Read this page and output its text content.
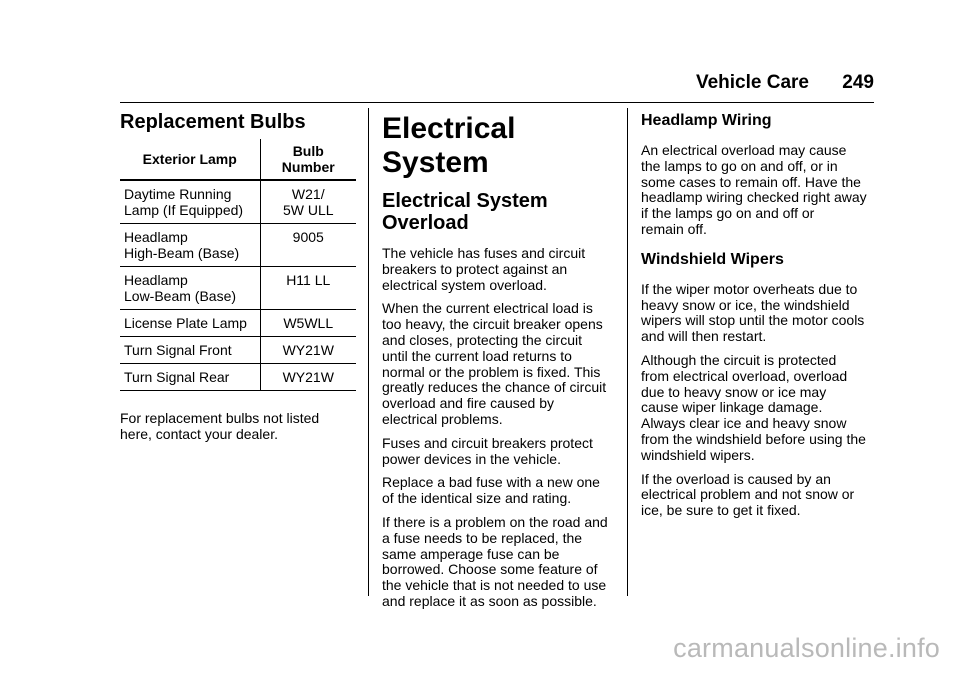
Vehicle Care 249
Replacement Bulbs
Exterior Lamp	Bulb
Number
Daytime Running
Lamp (If Equipped)	W21/
5W ULL
Headlamp
High-Beam (Base)	9005
Headlamp
Low-Beam (Base)	H11 LL
License Plate Lamp	W5WLL
Turn Signal Front	WY21W
Turn Signal Rear	WY21W

For replacement bulbs not listed
here, contact your dealer.

Electrical System
Electrical System
Overload

The vehicle has fuses and circuit
breakers to protect against an
electrical system overload.

When the current electrical load is
too heavy, the circuit breaker opens
and closes, protecting the circuit
until the current load returns to
normal or the problem is fixed. This
greatly reduces the chance of circuit
overload and fire caused by
electrical problems.

Fuses and circuit breakers protect
power devices in the vehicle.

Replace a bad fuse with a new one
of the identical size and rating.

If there is a problem on the road and
a fuse needs to be replaced, the
same amperage fuse can be
borrowed. Choose some feature of
the vehicle that is not needed to use
and replace it as soon as possible.

Headlamp Wiring

An electrical overload may cause
the lamps to go on and off, or in
some cases to remain off. Have the
headlamp wiring checked right away
if the lamps go on and off or
remain off.

Windshield Wipers

If the wiper motor overheats due to
heavy snow or ice, the windshield
wipers will stop until the motor cools
and will then restart.

Although the circuit is protected
from electrical overload, overload
due to heavy snow or ice may
cause wiper linkage damage.
Always clear ice and heavy snow
from the windshield before using the
windshield wipers.

If the overload is caused by an
electrical problem and not snow or
ice, be sure to get it fixed.

carmanualsonline.info
